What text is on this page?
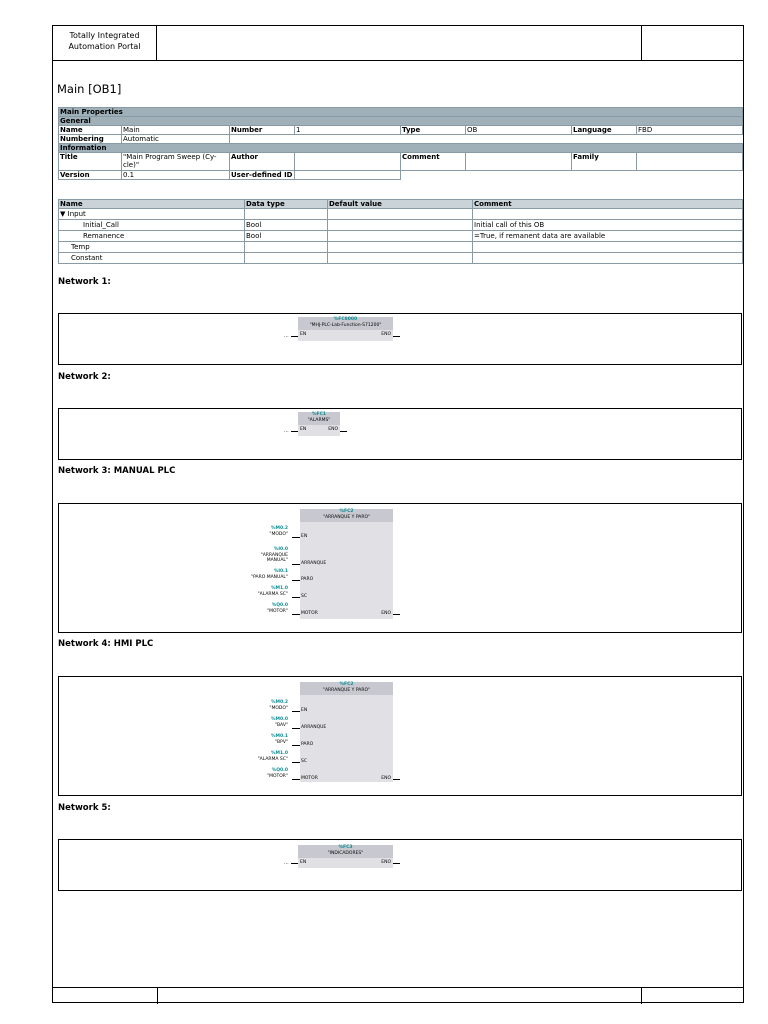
Totally Integrated
Automation Portal
Main [OB1]
Main Properties							
General							
Name	Main	Number	1	Type	OB	Language	FBD
Numbering	Automatic						
Information							
Title	"Main Program Sweep (Cy-cle)"	Author		Comment		Family	
Version	0.1	User-defined ID					
Name	Data type	Default value	Comment
▼ Input			
Initial_Call	Bool		Initial call of this OB
Remanence	Bool		=True, if remanent data are available
Temp			
Constant			
Network 1:
%FC8000
"MHJ-PLC-Lab-Function-S71200"
EN	ENO
...
Network 2:
%FC1
"ALARMS"
EN	ENO
...
Network 3: MANUAL PLC
%FC2
"ARRANQUE Y PARO"
EN
ARRANQUE
PARO
SC
MOTOR	ENO
%M0.2
"MODO"
%I0.0
"ARRANQUE MANUAL"
%I0.1
"PARO MANUAL"
%M1.0
"ALARMA SC"
%Q0.0
"MOTOR"
Network 4: HMI PLC
%FC2
"ARRANQUE Y PARO"
EN
ARRANQUE
PARO
SC
MOTOR	ENO
%M0.2
"MODO"
%M0.0
"BAV"
%M0.1
"BPV"
%M1.0
"ALARMA SC"
%Q0.0
"MOTOR"
Network 5:
%FC3
"INDICADORES"
EN	ENO
...
